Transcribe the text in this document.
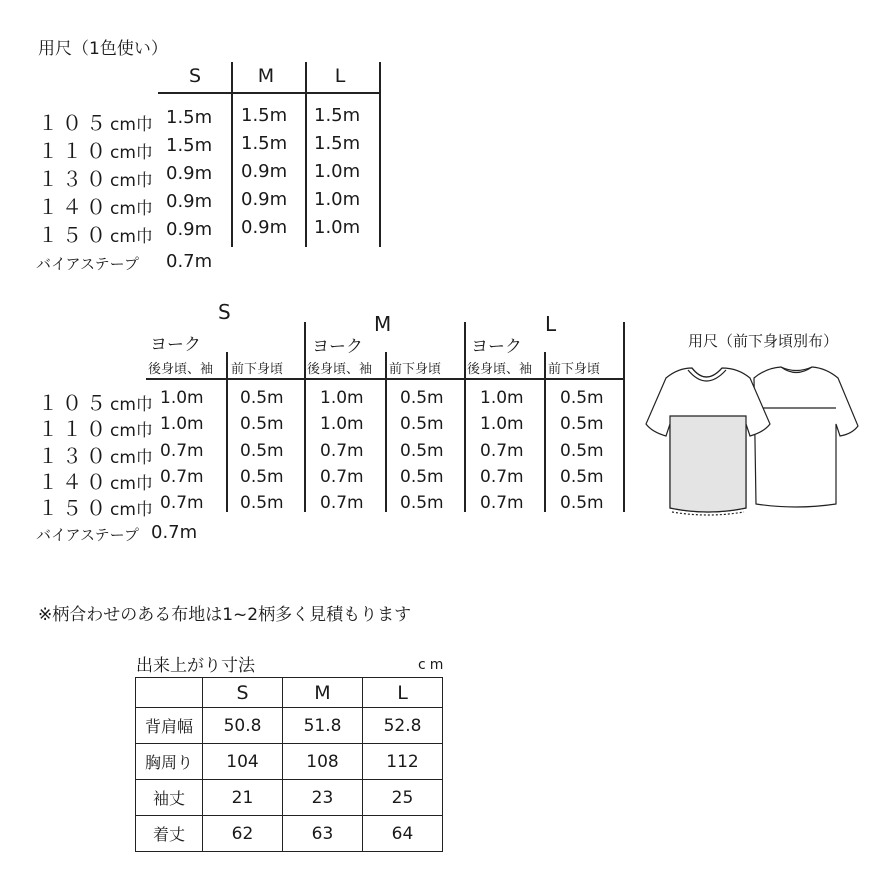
用尺（1色使い）
S	M	L
１０５cm巾 1.5m	1.5m	1.5m
１１０cm巾 1.5m	1.5m	1.5m
１３０cm巾 0.9m	0.9m	1.0m
１４０cm巾 0.9m	0.9m	1.0m
１５０cm巾 0.9m	0.9m	1.0m
バイアステープ 0.7m
S	M	L
ヨーク	ヨーク	ヨーク
後身頃、袖 前下身頃 後身頃、袖 前下身頃 後身頃、袖 前下身頃
１０５cm巾 1.0m	0.5m	1.0m	0.5m	1.0m	0.5m
１１０cm巾 1.0m	0.5m	1.0m	0.5m	1.0m	0.5m
１３０cm巾 0.7m	0.5m	0.7m	0.5m	0.7m	0.5m
１４０cm巾 0.7m	0.5m	0.7m	0.5m	0.7m	0.5m
１５０cm巾 0.7m	0.5m	0.7m	0.5m	0.7m	0.5m
バイアステープ 0.7m
用尺（前下身頃別布）
※柄合わせのある布地は1~2柄多く見積もります
出来上がり寸法	cm
	S	M	L
背肩幅	50.8	51.8	52.8
胸周り	104	108	112
袖丈	21	23	25
着丈	62	63	64
